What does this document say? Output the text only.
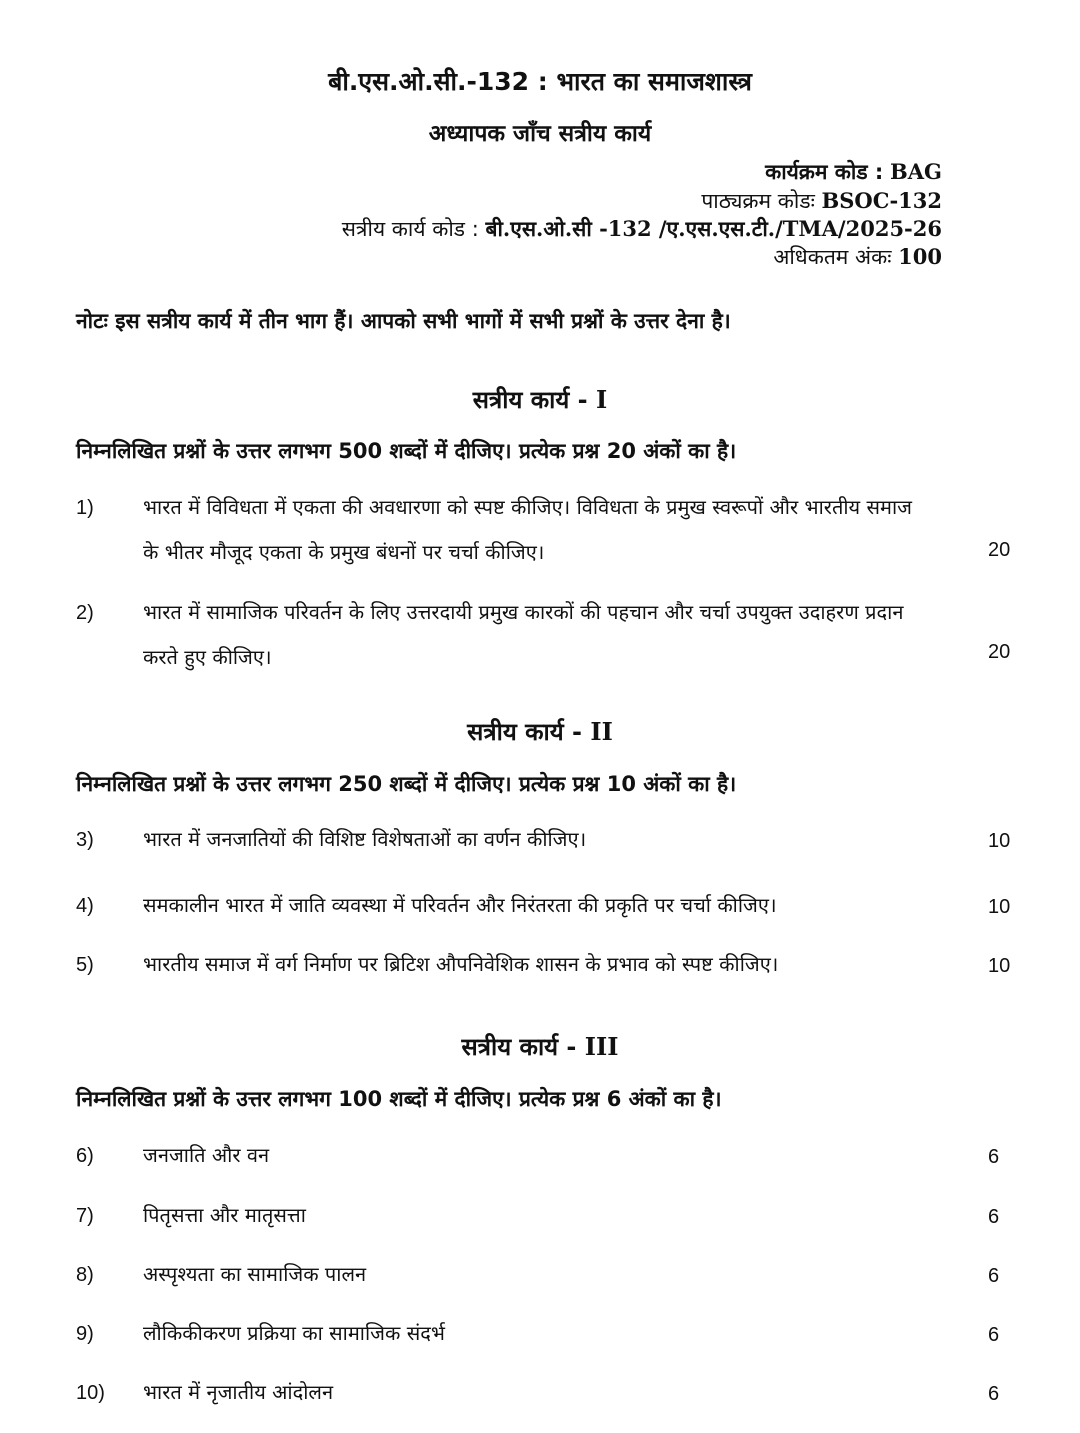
बी.एस.ओ.सी.-132 : भारत का समाजशास्त्र
अध्यापक जाँच सत्रीय कार्य
कार्यक्रम कोड : BAG
पाठ्यक्रम कोडः BSOC-132
सत्रीय कार्य कोड : बी.एस.ओ.सी -132 /ए.एस.एस.टी./TMA/2025-26
अधिकतम अंकः 100
नोटः इस सत्रीय कार्य में तीन भाग हैं। आपको सभी भागों में सभी प्रश्नों के उत्तर देना है।
सत्रीय कार्य - I
निम्नलिखित प्रश्नों के उत्तर लगभग 500 शब्दों में दीजिए। प्रत्येक प्रश्न 20 अंकों का है।
1) भारत में विविधता में एकता की अवधारणा को स्पष्ट कीजिए। विविधता के प्रमुख स्वरूपों और भारतीय समाज के भीतर मौजूद एकता के प्रमुख बंधनों पर चर्चा कीजिए।	20
2) भारत में सामाजिक परिवर्तन के लिए उत्तरदायी प्रमुख कारकों की पहचान और चर्चा उपयुक्त उदाहरण प्रदान करते हुए कीजिए।	20
सत्रीय कार्य - II
निम्नलिखित प्रश्नों के उत्तर लगभग 250 शब्दों में दीजिए। प्रत्येक प्रश्न 10 अंकों का है।
3) भारत में जनजातियों की विशिष्ट विशेषताओं का वर्णन कीजिए।	10
4) समकालीन भारत में जाति व्यवस्था में परिवर्तन और निरंतरता की प्रकृति पर चर्चा कीजिए।	10
5) भारतीय समाज में वर्ग निर्माण पर ब्रिटिश औपनिवेशिक शासन के प्रभाव को स्पष्ट कीजिए।	10
सत्रीय कार्य - III
निम्नलिखित प्रश्नों के उत्तर लगभग 100 शब्दों में दीजिए। प्रत्येक प्रश्न 6 अंकों का है।
6) जनजाति और वन	6
7) पितृसत्ता और मातृसत्ता	6
8) अस्पृश्यता का सामाजिक पालन	6
9) लौकिकीकरण प्रक्रिया का सामाजिक संदर्भ	6
10) भारत में नृजातीय आंदोलन	6
